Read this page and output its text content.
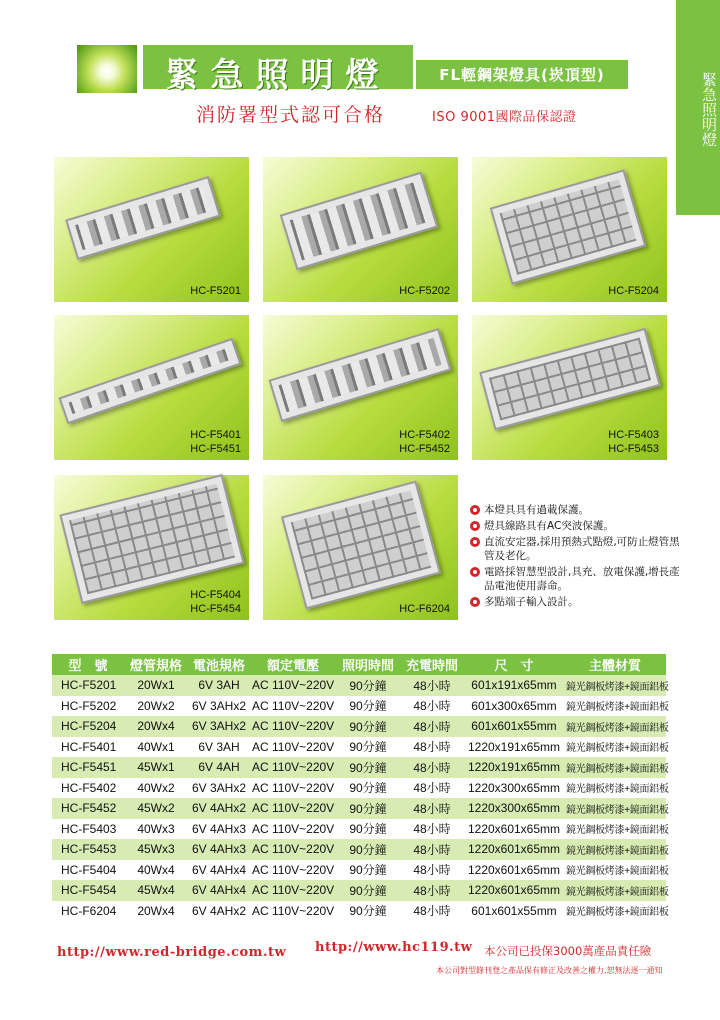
緊急照明燈
緊急照明燈	FL輕鋼架燈具(崁頂型)
消防署型式認可合格	ISO 9001國際品保認證
HC-F5201	HC-F5202	HC-F5204
HC-F5401
HC-F5451
HC-F5402
HC-F5452
HC-F5403
HC-F5453
HC-F5404
HC-F5454	HC-F6204
本燈具具有過載保護。
燈具線路具有AC突波保護。
直流安定器,採用預熱式點燈,可防止燈管黑管及老化。
電路採智慧型設計,具充、放電保護,增長產品電池使用壽命。
多點端子輸入設計。
型　號	燈管規格	電池規格	額定電壓	照明時間	充電時間	尺　寸	主體材質
HC-F5201	20Wx1	6V 3AH	AC 110V~220V	90分鐘	48小時	601x191x65mm	鏡光鋼板烤漆+鏡面鋁板
HC-F5202	20Wx2	6V 3AHx2	AC 110V~220V	90分鐘	48小時	601x300x65mm	鏡光鋼板烤漆+鏡面鋁板
HC-F5204	20Wx4	6V 3AHx2	AC 110V~220V	90分鐘	48小時	601x601x55mm	鏡光鋼板烤漆+鏡面鋁板
HC-F5401	40Wx1	6V 3AH	AC 110V~220V	90分鐘	48小時	1220x191x65mm	鏡光鋼板烤漆+鏡面鋁板
HC-F5451	45Wx1	6V 4AH	AC 110V~220V	90分鐘	48小時	1220x191x65mm	鏡光鋼板烤漆+鏡面鋁板
HC-F5402	40Wx2	6V 3AHx2	AC 110V~220V	90分鐘	48小時	1220x300x65mm	鏡光鋼板烤漆+鏡面鋁板
HC-F5452	45Wx2	6V 4AHx2	AC 110V~220V	90分鐘	48小時	1220x300x65mm	鏡光鋼板烤漆+鏡面鋁板
HC-F5403	40Wx3	6V 4AHx3	AC 110V~220V	90分鐘	48小時	1220x601x65mm	鏡光鋼板烤漆+鏡面鋁板
HC-F5453	45Wx3	6V 4AHx3	AC 110V~220V	90分鐘	48小時	1220x601x65mm	鏡光鋼板烤漆+鏡面鋁板
HC-F5404	40Wx4	6V 4AHx4	AC 110V~220V	90分鐘	48小時	1220x601x65mm	鏡光鋼板烤漆+鏡面鋁板
HC-F5454	45Wx4	6V 4AHx4	AC 110V~220V	90分鐘	48小時	1220x601x65mm	鏡光鋼板烤漆+鏡面鋁板
HC-F6204	20Wx4	6V 4AHx2	AC 110V~220V	90分鐘	48小時	601x601x55mm	鏡光鋼板烤漆+鏡面鋁板
http://www.red-bridge.com.tw http://www.hc119.tw 本公司已投保3000萬產品責任險
本公司對型錄刊登之產品保有修正及改善之權力,恕無法逐一通知
